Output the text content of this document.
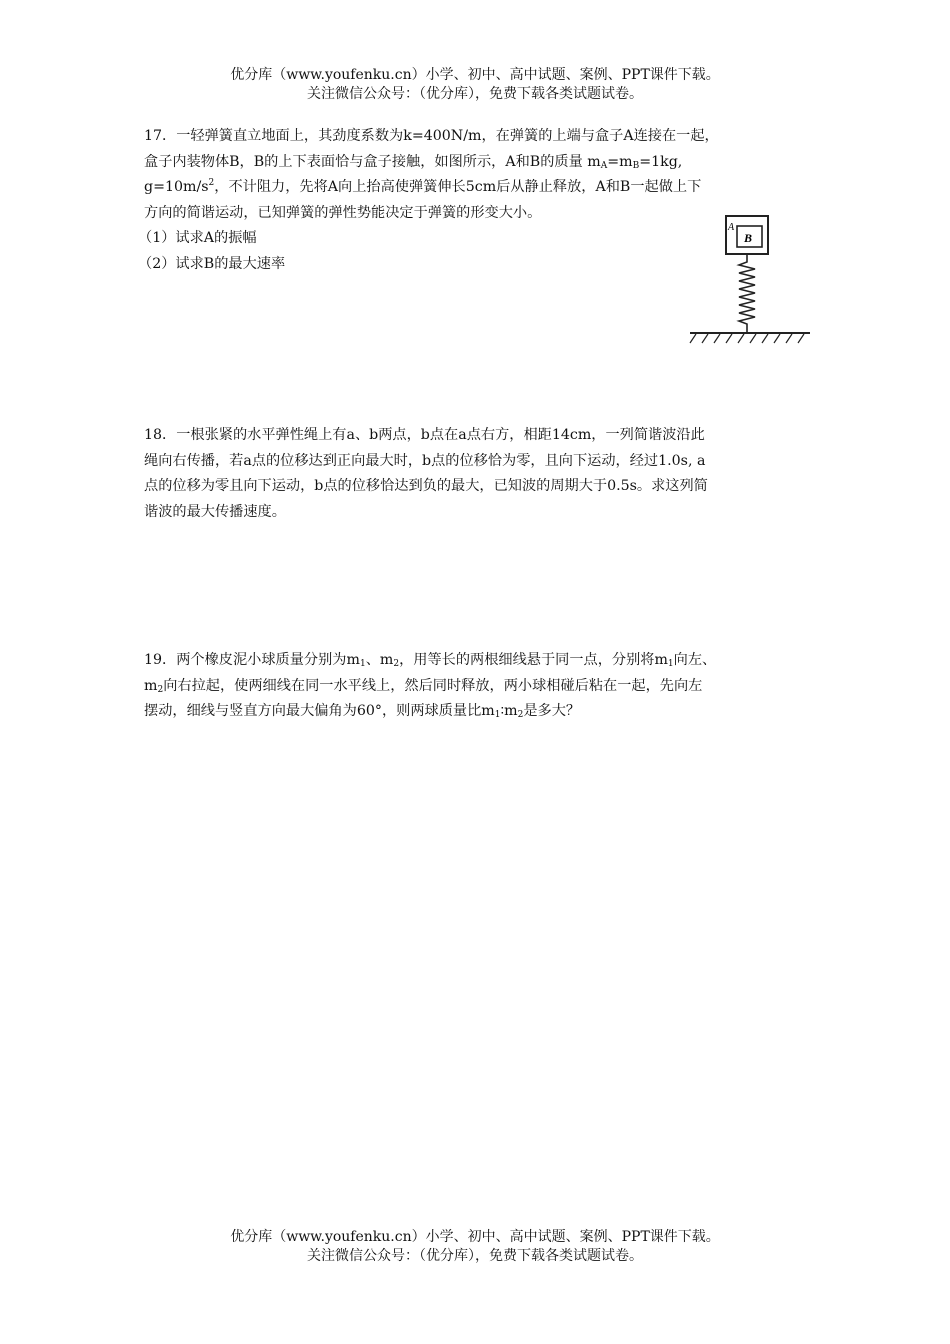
优分库（www.youfenku.cn）小学、初中、高中试题、案例、PPT课件下载。
关注微信公众号：（优分库），免费下载各类试题试卷。
17．一轻弹簧直立地面上，其劲度系数为k=400N/m，在弹簧的上端与盒子A连接在一起，
盒子内装物体B，B的上下表面恰与盒子接触，如图所示，A和B的质量 $m_A=m_B=1kg$,
$g=10m/s^2$，不计阻力，先将A向上抬高使弹簧伸长5cm后从静止释放，A和B一起做上下
方向的简谐运动，已知弹簧的弹性势能决定于弹簧的形变大小。
（1）试求A的振幅
（2）试求B的最大速率
A
B
18．一根张紧的水平弹性绳上有a、b两点，b点在a点右方，相距14cm，一列简谐波沿此
绳向右传播，若a点的位移达到正向最大时，b点的位移恰为零，且向下运动，经过1.0s, a
点的位移为零且向下运动，b点的位移恰达到负的最大，已知波的周期大于0.5s。求这列简
谐波的最大传播速度。
19．两个橡皮泥小球质量分别为$m_1$、$m_2$，用等长的两根细线悬于同一点，分别将$m_1$向左、
$m_2$向右拉起，使两细线在同一水平线上，然后同时释放，两小球相碰后粘在一起，先向左
摆动，细线与竖直方向最大偏角为60°，则两球质量比$m_1∶m_2$是多大？
优分库（www.youfenku.cn）小学、初中、高中试题、案例、PPT课件下载。
关注微信公众号：（优分库），免费下载各类试题试卷。
